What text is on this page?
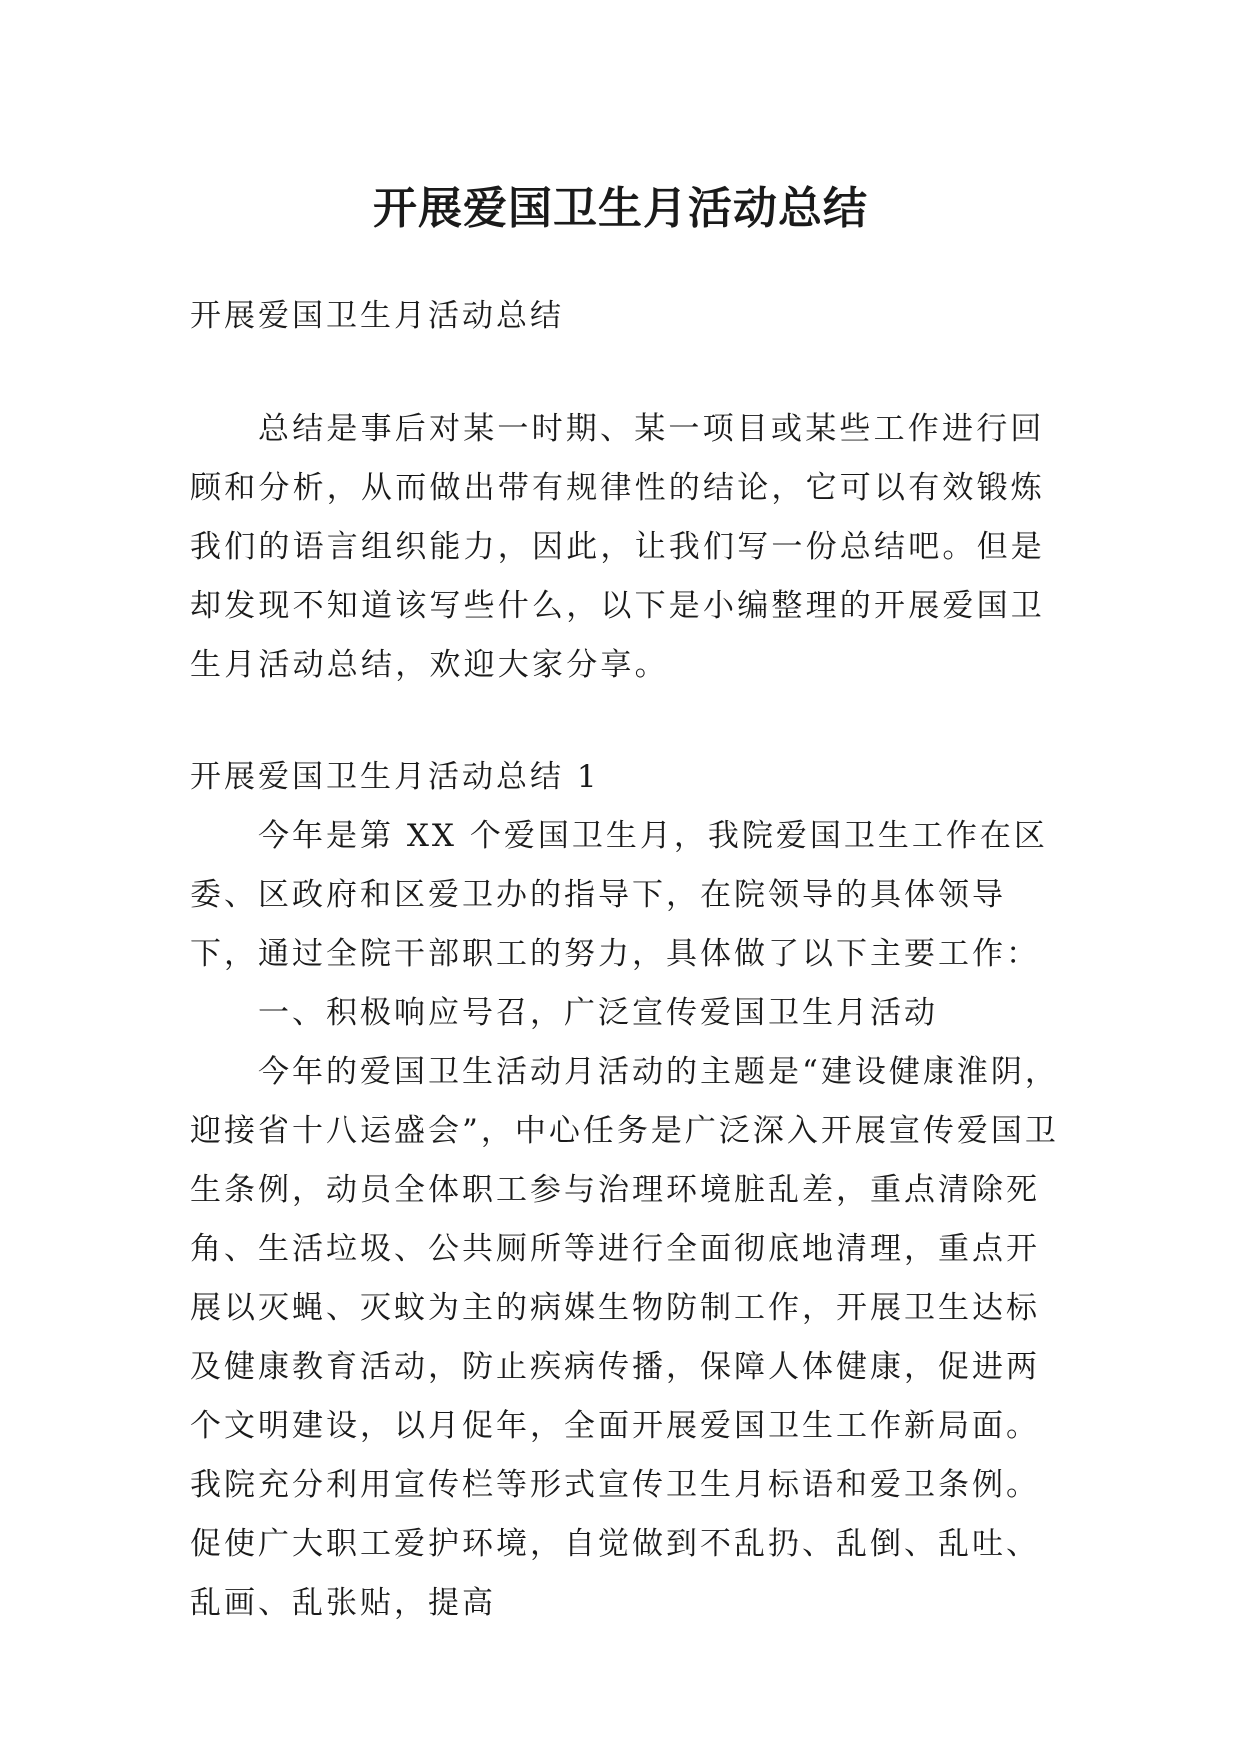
开展爱国卫生月活动总结

开展爱国卫生月活动总结

总结是事后对某一时期、某一项目或某些工作进行回顾和分析，从而做出带有规律性的结论，它可以有效锻炼我们的语言组织能力，因此，让我们写一份总结吧。但是却发现不知道该写些什么，以下是小编整理的开展爱国卫生月活动总结，欢迎大家分享。

开展爱国卫生月活动总结 1

今年是第 XX 个爱国卫生月，我院爱国卫生工作在区委、区政府和区爱卫办的指导下，在院领导的具体领导下，通过全院干部职工的努力，具体做了以下主要工作：

一、积极响应号召，广泛宣传爱国卫生月活动

今年的爱国卫生活动月活动的主题是“建设健康淮阴，迎接省十八运盛会”，中心任务是广泛深入开展宣传爱国卫生条例，动员全体职工参与治理环境脏乱差，重点清除死角、生活垃圾、公共厕所等进行全面彻底地清理，重点开展以灭蝇、灭蚊为主的病媒生物防制工作，开展卫生达标及健康教育活动，防止疾病传播，保障人体健康，促进两个文明建设，以月促年，全面开展爱国卫生工作新局面。我院充分利用宣传栏等形式宣传卫生月标语和爱卫条例。促使广大职工爱护环境，自觉做到不乱扔、乱倒、乱吐、乱画、乱张贴，提高
